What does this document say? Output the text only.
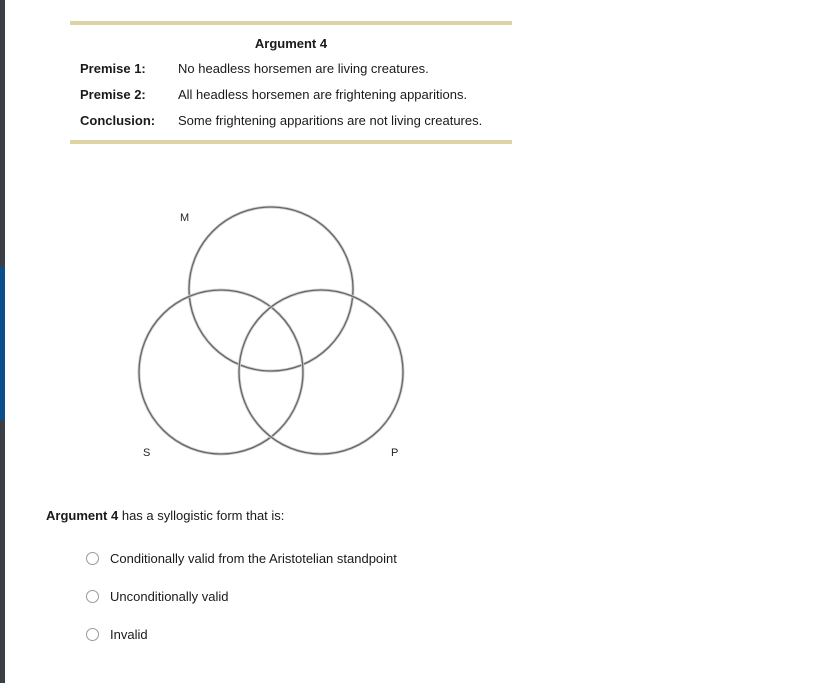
Argument 4
Premise 1: No headless horsemen are living creatures.
Premise 2: All headless horsemen are frightening apparitions.
Conclusion: Some frightening apparitions are not living creatures.
M
S	P
Argument 4 has a syllogistic form that is:
Conditionally valid from the Aristotelian standpoint
Unconditionally valid
Invalid
